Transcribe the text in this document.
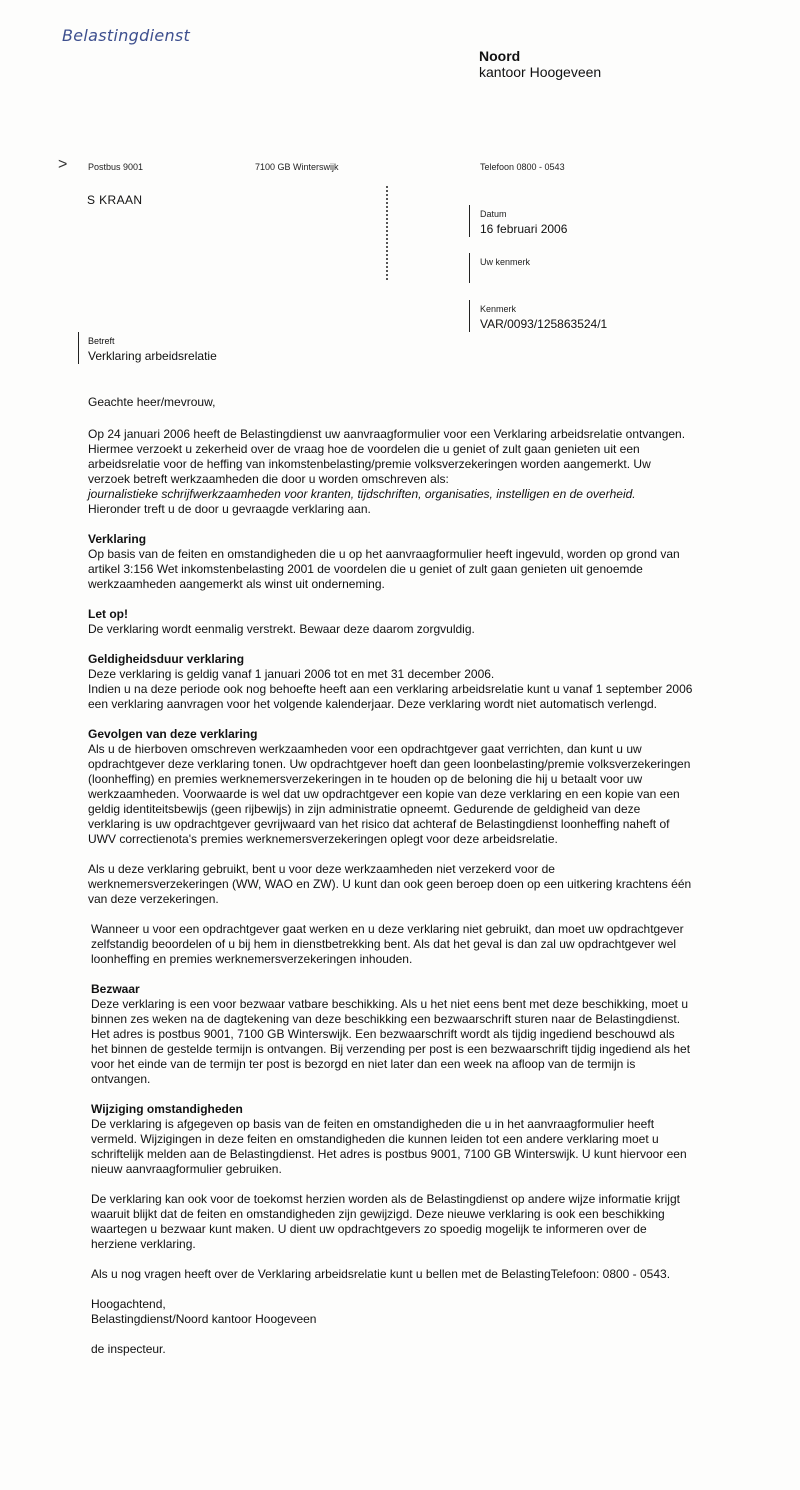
Belastingdienst
Noord
kantoor Hoogeveen
> Postbus 9001	7100 GB Winterswijk	Telefoon 0800 - 0543
S KRAAN
Datum
16 februari 2006
Uw kenmerk
Kenmerk
VAR/0093/125863524/1
Betreft
Verklaring arbeidsrelatie

Geachte heer/mevrouw,

Op 24 januari 2006 heeft de Belastingdienst uw aanvraagformulier voor een Verklaring arbeidsrelatie ontvangen. Hiermee verzoekt u zekerheid over de vraag hoe de voordelen die u geniet of zult gaan genieten uit een arbeidsrelatie voor de heffing van inkomstenbelasting/premie volksverzekeringen worden aangemerkt. Uw verzoek betreft werkzaamheden die door u worden omschreven als:
journalistieke schrijfwerkzaamheden voor kranten, tijdschriften, organisaties, instelligen en de overheid.
Hieronder treft u de door u gevraagde verklaring aan.
Verklaring
Op basis van de feiten en omstandigheden die u op het aanvraagformulier heeft ingevuld, worden op grond van artikel 3:156 Wet inkomstenbelasting 2001 de voordelen die u geniet of zult gaan genieten uit genoemde werkzaamheden aangemerkt als winst uit onderneming.
Let op!
De verklaring wordt eenmalig verstrekt. Bewaar deze daarom zorgvuldig.
Geldigheidsduur verklaring
Deze verklaring is geldig vanaf 1 januari 2006 tot en met 31 december 2006.
Indien u na deze periode ook nog behoefte heeft aan een verklaring arbeidsrelatie kunt u vanaf 1 september 2006 een verklaring aanvragen voor het volgende kalenderjaar. Deze verklaring wordt niet automatisch verlengd.
Gevolgen van deze verklaring
Als u de hierboven omschreven werkzaamheden voor een opdrachtgever gaat verrichten, dan kunt u uw opdrachtgever deze verklaring tonen. Uw opdrachtgever hoeft dan geen loonbelasting/premie volksverzekeringen (loonheffing) en premies werknemersverzekeringen in te houden op de beloning die hij u betaalt voor uw werkzaamheden. Voorwaarde is wel dat uw opdrachtgever een kopie van deze verklaring en een kopie van een geldig identiteitsbewijs (geen rijbewijs) in zijn administratie opneemt. Gedurende de geldigheid van deze verklaring is uw opdrachtgever gevrijwaard van het risico dat achteraf de Belastingdienst loonheffing naheft of UWV correctienota's premies werknemersverzekeringen oplegt voor deze arbeidsrelatie.

Als u deze verklaring gebruikt, bent u voor deze werkzaamheden niet verzekerd voor de werknemersverzekeringen (WW, WAO en ZW). U kunt dan ook geen beroep doen op een uitkering krachtens één van deze verzekeringen.

Wanneer u voor een opdrachtgever gaat werken en u deze verklaring niet gebruikt, dan moet uw opdrachtgever zelfstandig beoordelen of u bij hem in dienstbetrekking bent. Als dat het geval is dan zal uw opdrachtgever wel loonheffing en premies werknemersverzekeringen inhouden.

Bezwaar
Deze verklaring is een voor bezwaar vatbare beschikking. Als u het niet eens bent met deze beschikking, moet u binnen zes weken na de dagtekening van deze beschikking een bezwaarschrift sturen naar de Belastingdienst. Het adres is postbus 9001, 7100 GB Winterswijk. Een bezwaarschrift wordt als tijdig ingediend beschouwd als het binnen de gestelde termijn is ontvangen. Bij verzending per post is een bezwaarschrift tijdig ingediend als het voor het einde van de termijn ter post is bezorgd en niet later dan een week na afloop van de termijn is ontvangen.
Wijziging omstandigheden
De verklaring is afgegeven op basis van de feiten en omstandigheden die u in het aanvraagformulier heeft vermeld. Wijzigingen in deze feiten en omstandigheden die kunnen leiden tot een andere verklaring moet u schriftelijk melden aan de Belastingdienst. Het adres is postbus 9001, 7100 GB Winterswijk. U kunt hiervoor een nieuw aanvraagformulier gebruiken.

De verklaring kan ook voor de toekomst herzien worden als de Belastingdienst op andere wijze informatie krijgt waaruit blijkt dat de feiten en omstandigheden zijn gewijzigd. Deze nieuwe verklaring is ook een beschikking waartegen u bezwaar kunt maken. U dient uw opdrachtgevers zo spoedig mogelijk te informeren over de herziene verklaring.

Als u nog vragen heeft over de Verklaring arbeidsrelatie kunt u bellen met de BelastingTelefoon: 0800 - 0543.

Hoogachtend,
Belastingdienst/Noord kantoor Hoogeveen
de inspecteur.
